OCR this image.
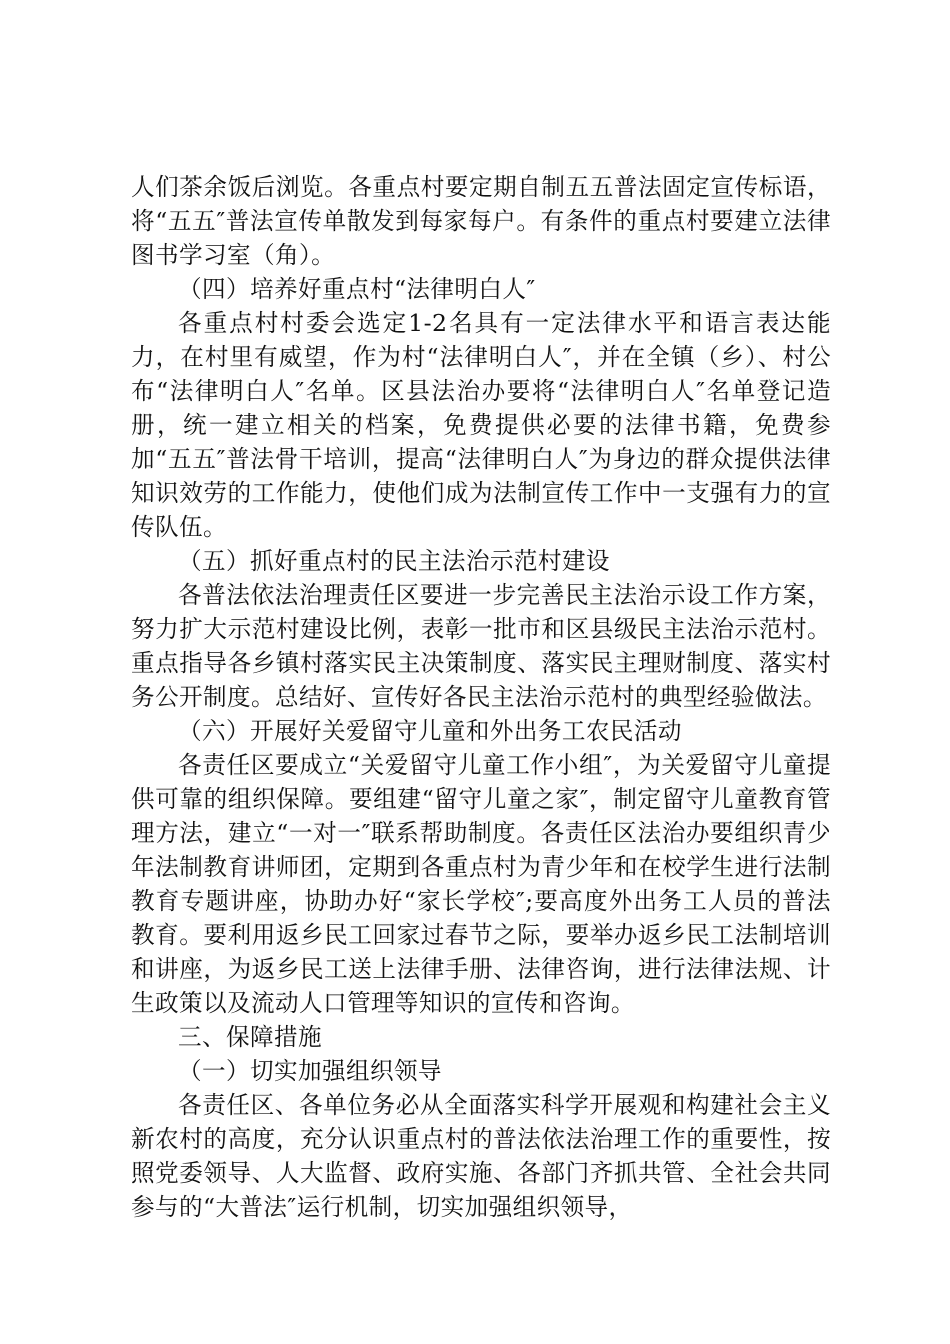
人们茶余饭后浏览。各重点村要定期自制五五普法固定宣传标语，将“五五″普法宣传单散发到每家每户。有条件的重点村要建立法律图书学习室（角）。

（四）培养好重点村“法律明白人″

各重点村村委会选定1-2名具有一定法律水平和语言表达能力，在村里有威望，作为村“法律明白人″，并在全镇（乡）、村公布“法律明白人″名单。区县法治办要将“法律明白人″名单登记造册，统一建立相关的档案，免费提供必要的法律书籍，免费参加“五五″普法骨干培训，提高“法律明白人″为身边的群众提供法律知识效劳的工作能力，使他们成为法制宣传工作中一支强有力的宣传队伍。

（五）抓好重点村的民主法治示范村建设

各普法依法治理责任区要进一步完善民主法治示设工作方案，努力扩大示范村建设比例，表彰一批市和区县级民主法治示范村。重点指导各乡镇村落实民主决策制度、落实民主理财制度、落实村务公开制度。总结好、宣传好各民主法治示范村的典型经验做法。

（六）开展好关爱留守儿童和外出务工农民活动

各责任区要成立“关爱留守儿童工作小组″，为关爱留守儿童提供可靠的组织保障。要组建“留守儿童之家″，制定留守儿童教育管理方法，建立“一对一″联系帮助制度。各责任区法治办要组织青少年法制教育讲师团，定期到各重点村为青少年和在校学生进行法制教育专题讲座，协助办好“家长学校″;要高度外出务工人员的普法教育。要利用返乡民工回家过春节之际，要举办返乡民工法制培训和讲座，为返乡民工送上法律手册、法律咨询，进行法律法规、计生政策以及流动人口管理等知识的宣传和咨询。

三、保障措施

（一）切实加强组织领导

各责任区、各单位务必从全面落实科学开展观和构建社会主义新农村的高度，充分认识重点村的普法依法治理工作的重要性，按照党委领导、人大监督、政府实施、各部门齐抓共管、全社会共同参与的“大普法″运行机制，切实加强组织领导，
